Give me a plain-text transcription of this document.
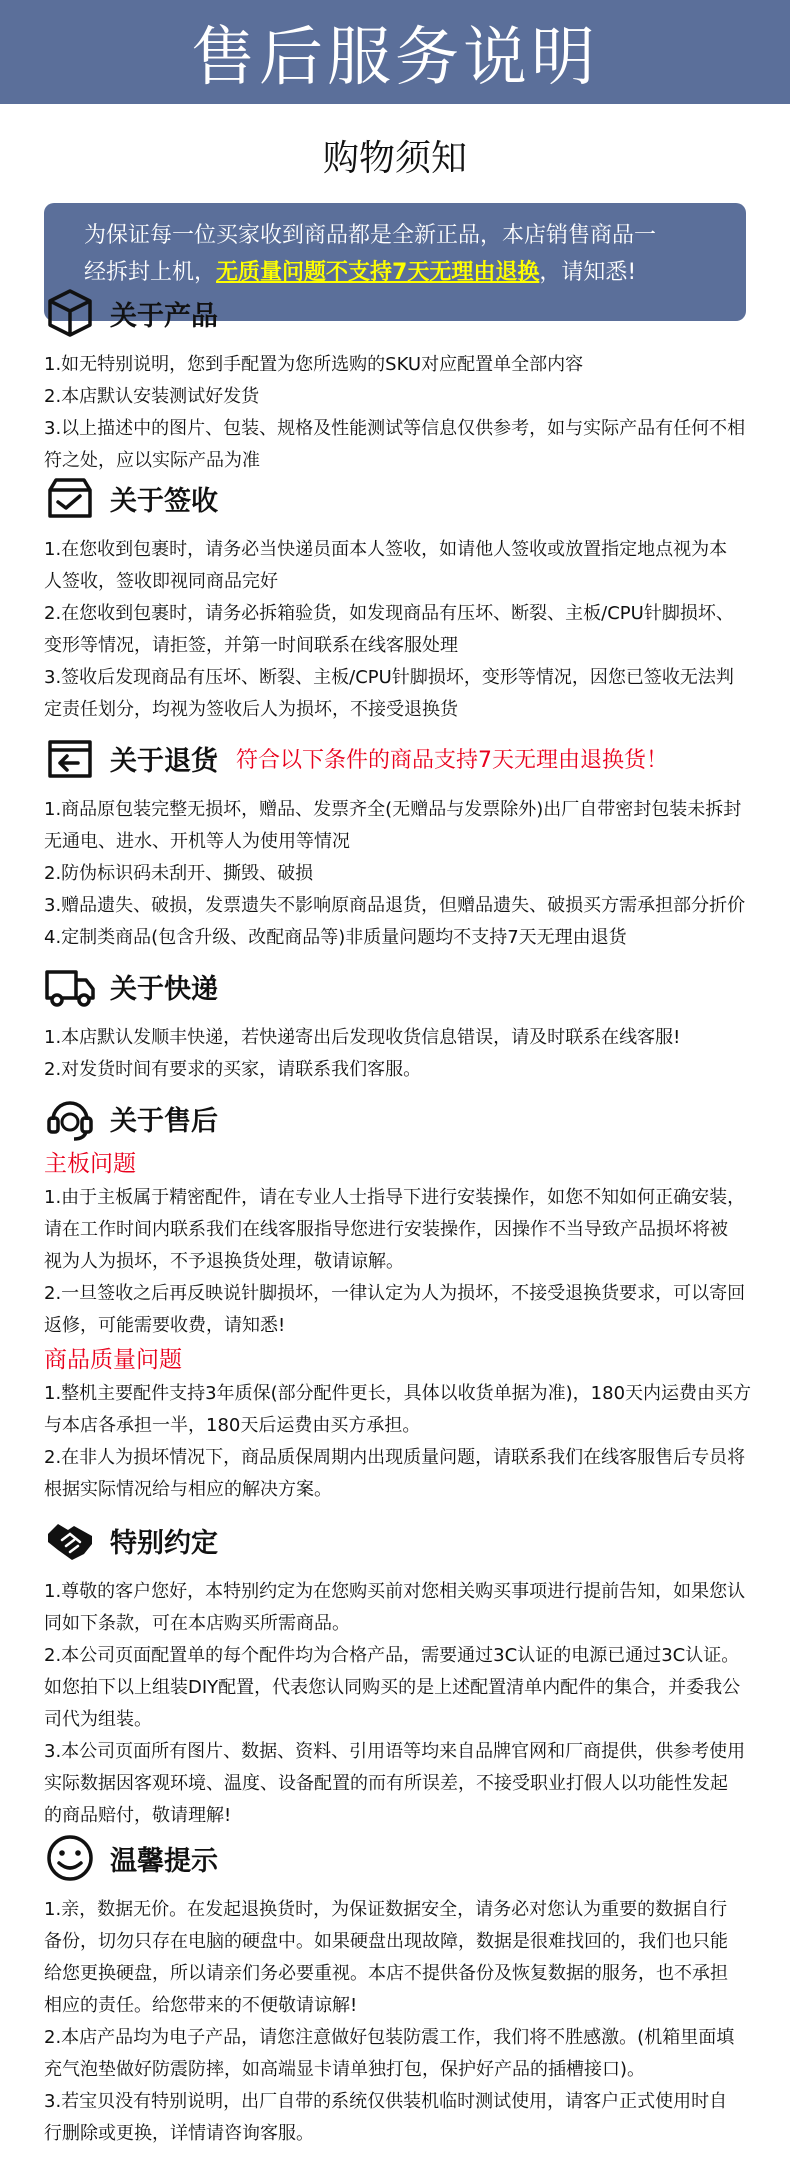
售后服务说明
购物须知
为保证每一位买家收到商品都是全新正品，本店销售商品一
经拆封上机，无质量问题不支持7天无理由退换，请知悉!
关于产品
1.如无特别说明，您到手配置为您所选购的SKU对应配置单全部内容
2.本店默认安装测试好发货
3.以上描述中的图片、包装、规格及性能测试等信息仅供参考，如与实际产品有任何不相
符之处，应以实际产品为准
关于签收
1.在您收到包裹时，请务必当快递员面本人签收，如请他人签收或放置指定地点视为本
人签收，签收即视同商品完好
2.在您收到包裹时，请务必拆箱验货，如发现商品有压坏、断裂、主板/CPU针脚损坏、
变形等情况，请拒签，并第一时间联系在线客服处理
3.签收后发现商品有压坏、断裂、主板/CPU针脚损坏，变形等情况，因您已签收无法判
定责任划分，均视为签收后人为损坏，不接受退换货
关于退货 符合以下条件的商品支持7天无理由退换货！
1.商品原包装完整无损坏，赠品、发票齐全(无赠品与发票除外)出厂自带密封包装未拆封
无通电、进水、开机等人为使用等情况
2.防伪标识码未刮开、撕毁、破损
3.赠品遗失、破损，发票遗失不影响原商品退货，但赠品遗失、破损买方需承担部分折价
4.定制类商品(包含升级、改配商品等)非质量问题均不支持7天无理由退货
关于快递
1.本店默认发顺丰快递，若快递寄出后发现收货信息错误，请及时联系在线客服!
2.对发货时间有要求的买家，请联系我们客服。
关于售后
主板问题
1.由于主板属于精密配件，请在专业人士指导下进行安装操作，如您不知如何正确安装，
请在工作时间内联系我们在线客服指导您进行安装操作，因操作不当导致产品损坏将被
视为人为损坏，不予退换货处理，敬请谅解。
2.一旦签收之后再反映说针脚损坏，一律认定为人为损坏，不接受退换货要求，可以寄回
返修，可能需要收费，请知悉!
商品质量问题
1.整机主要配件支持3年质保(部分配件更长，具体以收货单据为准)，180天内运费由买方
与本店各承担一半，180天后运费由买方承担。
2.在非人为损坏情况下，商品质保周期内出现质量问题，请联系我们在线客服售后专员将
根据实际情况给与相应的解决方案。
特别约定
1.尊敬的客户您好，本特别约定为在您购买前对您相关购买事项进行提前告知，如果您认
同如下条款，可在本店购买所需商品。
2.本公司页面配置单的每个配件均为合格产品，需要通过3C认证的电源已通过3C认证。
如您拍下以上组装DIY配置，代表您认同购买的是上述配置清单内配件的集合，并委我公
司代为组装。
3.本公司页面所有图片、数据、资料、引用语等均来自品牌官网和厂商提供，供参考使用
实际数据因客观环境、温度、设备配置的而有所误差，不接受职业打假人以功能性发起
的商品赔付，敬请理解!
温馨提示
1.亲，数据无价。在发起退换货时，为保证数据安全，请务必对您认为重要的数据自行
备份，切勿只存在电脑的硬盘中。如果硬盘出现故障，数据是很难找回的，我们也只能
给您更换硬盘，所以请亲们务必要重视。本店不提供备份及恢复数据的服务，也不承担
相应的责任。给您带来的不便敬请谅解!
2.本店产品均为电子产品，请您注意做好包装防震工作，我们将不胜感激。(机箱里面填
充气泡垫做好防震防摔，如高端显卡请单独打包，保护好产品的插槽接口)。
3.若宝贝没有特别说明，出厂自带的系统仅供装机临时测试使用，请客户正式使用时自
行删除或更换，详情请咨询客服。
